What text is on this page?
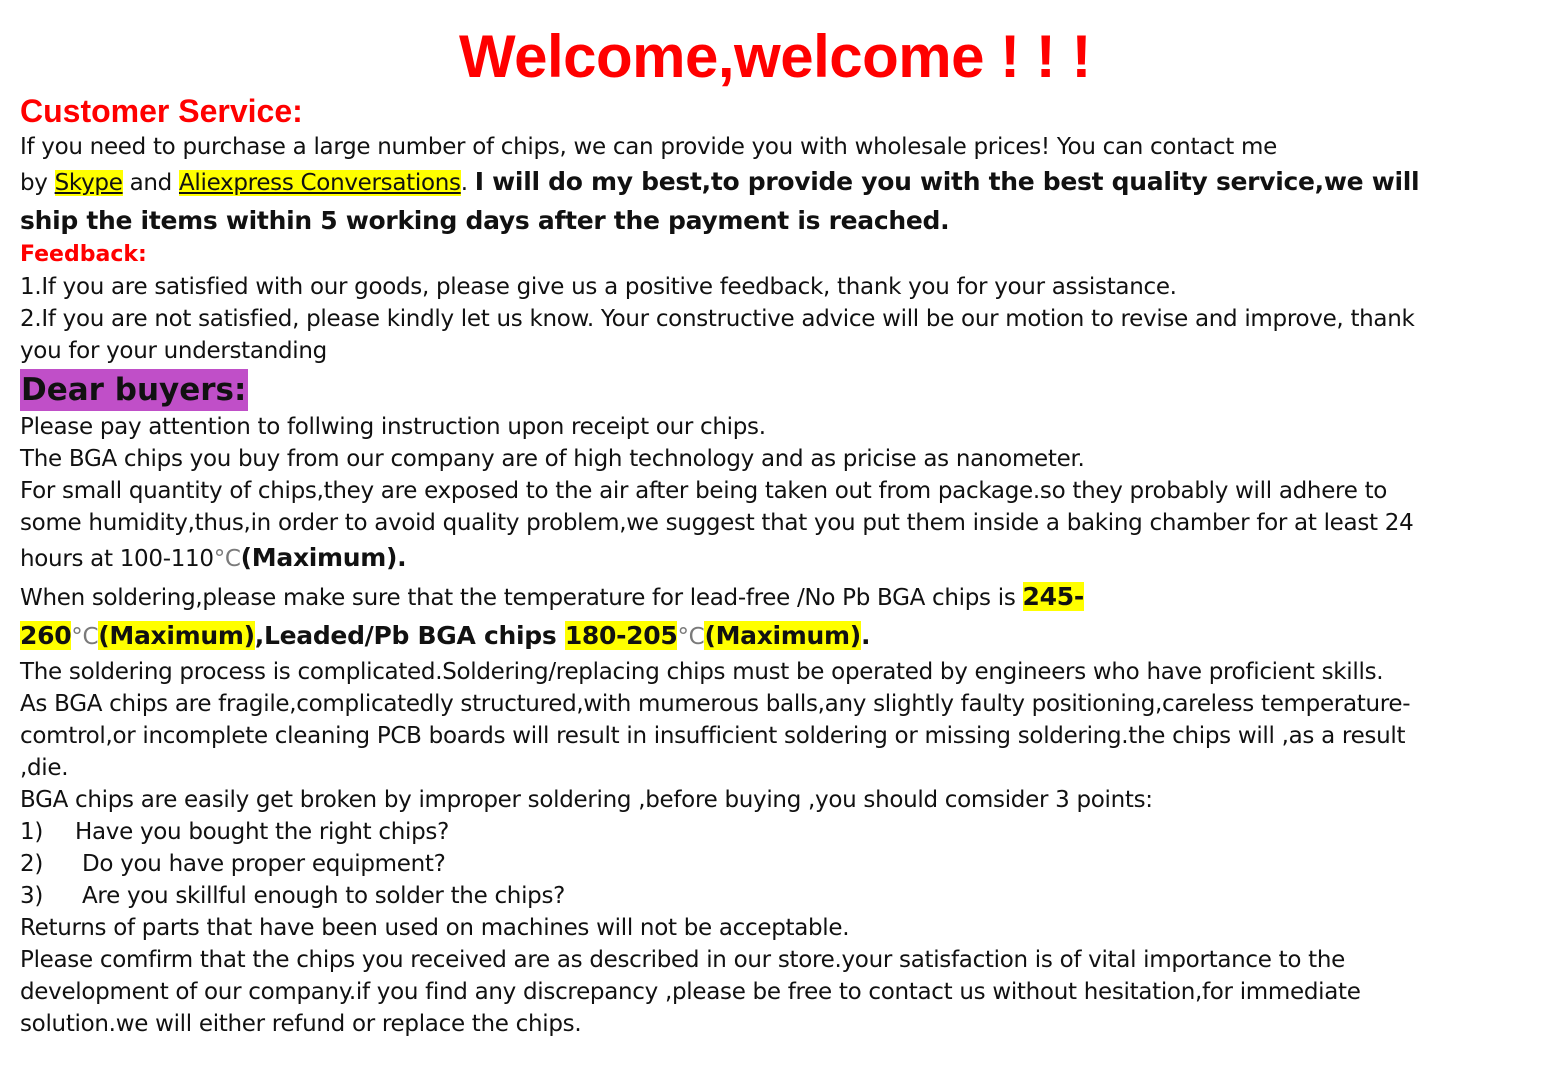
Welcome,welcome ! ! !
Customer Service:
If you need to purchase a large number of chips, we can provide you with wholesale prices! You can contact me
by Skype and Aliexpress Conversations. I will do my best,to provide you with the best quality service,we will
ship the items within 5 working days after the payment is reached.
Feedback:
1.If you are satisfied with our goods, please give us a positive feedback, thank you for your assistance.
2.If you are not satisfied, please kindly let us know. Your constructive advice will be our motion to revise and improve, thank
you for your understanding
Dear buyers:
Please pay attention to follwing instruction upon receipt our chips.
The BGA chips you buy from our company are of high technology and as pricise as nanometer.
For small quantity of chips,they are exposed to the air after being taken out from package.so they probably will adhere to
some humidity,thus,in order to avoid quality problem,we suggest that you put them inside a baking chamber for at least 24
hours at 100-110°C(Maximum).
When soldering,please make sure that the temperature for lead-free /No Pb BGA chips is 245-
260°C(Maximum),Leaded/Pb BGA chips 180-205°C(Maximum).
The soldering process is complicated.Soldering/replacing chips must be operated by engineers who have proficient skills.
As BGA chips are fragile,complicatedly structured,with mumerous balls,any slightly faulty positioning,careless temperature-
comtrol,or incomplete cleaning PCB boards will result in insufficient soldering or missing soldering.the chips will ,as a result
,die.
BGA chips are easily get broken by improper soldering ,before buying ,you should comsider 3 points:
1) Have you bought the right chips?
2) Do you have proper equipment?
3) Are you skillful enough to solder the chips?
Returns of parts that have been used on machines will not be acceptable.
Please comfirm that the chips you received are as described in our store.your satisfaction is of vital importance to the
development of our company.if you find any discrepancy ,please be free to contact us without hesitation,for immediate
solution.we will either refund or replace the chips.
